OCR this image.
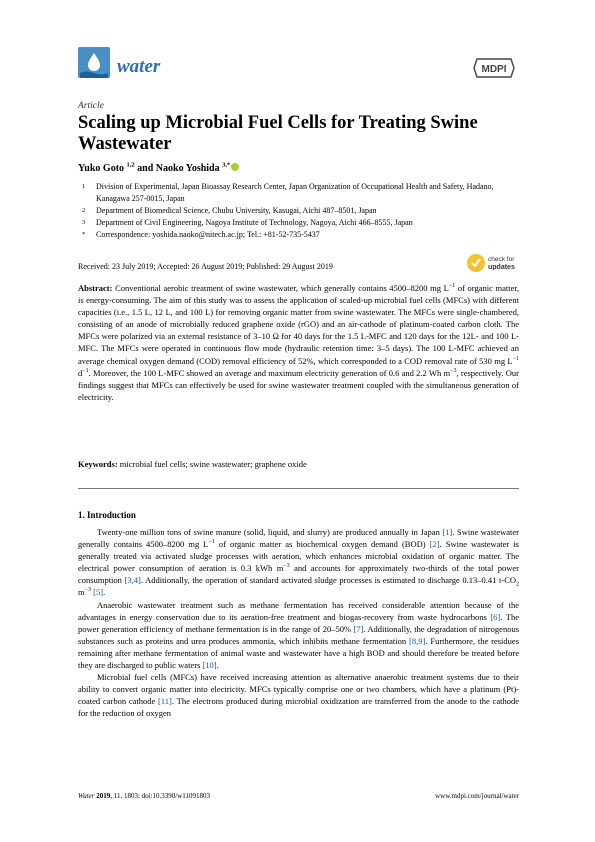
water	MDPI
Article
Scaling up Microbial Fuel Cells for Treating Swine Wastewater
Yuko Goto $^{1,2}$ and Naoko Yoshida $^{3,*}$
1	Division of Experimental, Japan Bioassay Research Center, Japan Organization of Occupational Health and Safety, Hadano, Kanagawa 257-0015, Japan
2	Department of Biomedical Science, Chubu University, Kasugai, Aichi 487–8501, Japan
3	Department of Civil Engineering, Nagoya Institute of Technology, Nagoya, Aichi 466–8555, Japan
*	Correspondence: yoshida.naoko@nitech.ac.jp; Tel.: +81-52-735-5437
Received: 23 July 2019; Accepted: 26 August 2019; Published: 29 August 2019
check for
updates
Abstract: Conventional aerobic treatment of swine wastewater, which generally contains 4500–8200 mg $L^{-1}$ of organic matter, is energy-consuming. The aim of this study was to assess the application of scaled-up microbial fuel cells (MFCs) with different capacities (i.e., 1.5 L, 12 L, and 100 L) for removing organic matter from swine wastewater. The MFCs were single-chambered, consisting of an anode of microbially reduced graphene oxide (rGO) and an air-cathode of platinum-coated carbon cloth. The MFCs were polarized via an external resistance of 3–10 Ω for 40 days for the 1.5 L-MFC and 120 days for the 12L- and 100 L-MFC. The MFCs were operated in continuous flow mode (hydraulic retention time: 3–5 days). The 100 L-MFC achieved an average chemical oxygen demand (COD) removal efficiency of 52%, which corresponded to a COD removal rate of 530 mg $L^{-1}$ $d^{-1}$. Moreover, the 100 L-MFC showed an average and maximum electricity generation of 0.6 and 2.2 Wh $m^{-3}$, respectively. Our findings suggest that MFCs can effectively be used for swine wastewater treatment coupled with the simultaneous generation of electricity.
Keywords: microbial fuel cells; swine wastewater; graphene oxide
1. Introduction

Twenty-one million tons of swine manure (solid, liquid, and slurry) are produced annually in Japan [1]. Swine wastewater generally contains 4500–8200 mg $L^{-1}$ of organic matter as biochemical oxygen demand (BOD) [2]. Swine wastewater is generally treated via activated sludge processes with aeration, which enhances microbial oxidation of organic matter. The electrical power consumption of aeration is 0.3 kWh $m^{-3}$ and accounts for approximately two-thirds of the total power consumption [3,4]. Additionally, the operation of standard activated sludge processes is estimated to discharge 0.13–0.41 $t-CO_2$ $m^{-3}$ [5].

Anaerobic wastewater treatment such as methane fermentation has received considerable attention because of the advantages in energy conservation due to its aeration-free treatment and biogas-recovery from waste hydrocarbons [6]. The power generation efficiency of methane fermentation is in the range of 20–50% [7]. Additionally, the degradation of nitrogenous substances such as proteins and urea produces ammonia, which inhibits methane fermentation [8,9]. Furthermore, the residues remaining after methane fermentation of animal waste and wastewater have a high BOD and should therefore be treated before they are discharged to public waters [10].

Microbial fuel cells (MFCs) have received increasing attention as alternative anaerobic treatment systems due to their ability to convert organic matter into electricity. MFCs typically comprise one or two chambers, which have a platinum (Pt)-coated carbon cathode [11]. The electrons produced during microbial oxidization are transferred from the anode to the cathode for the reduction of oxygen

Water 2019, 11, 1803; doi:10.3390/w11091803	www.mdpi.com/journal/water
